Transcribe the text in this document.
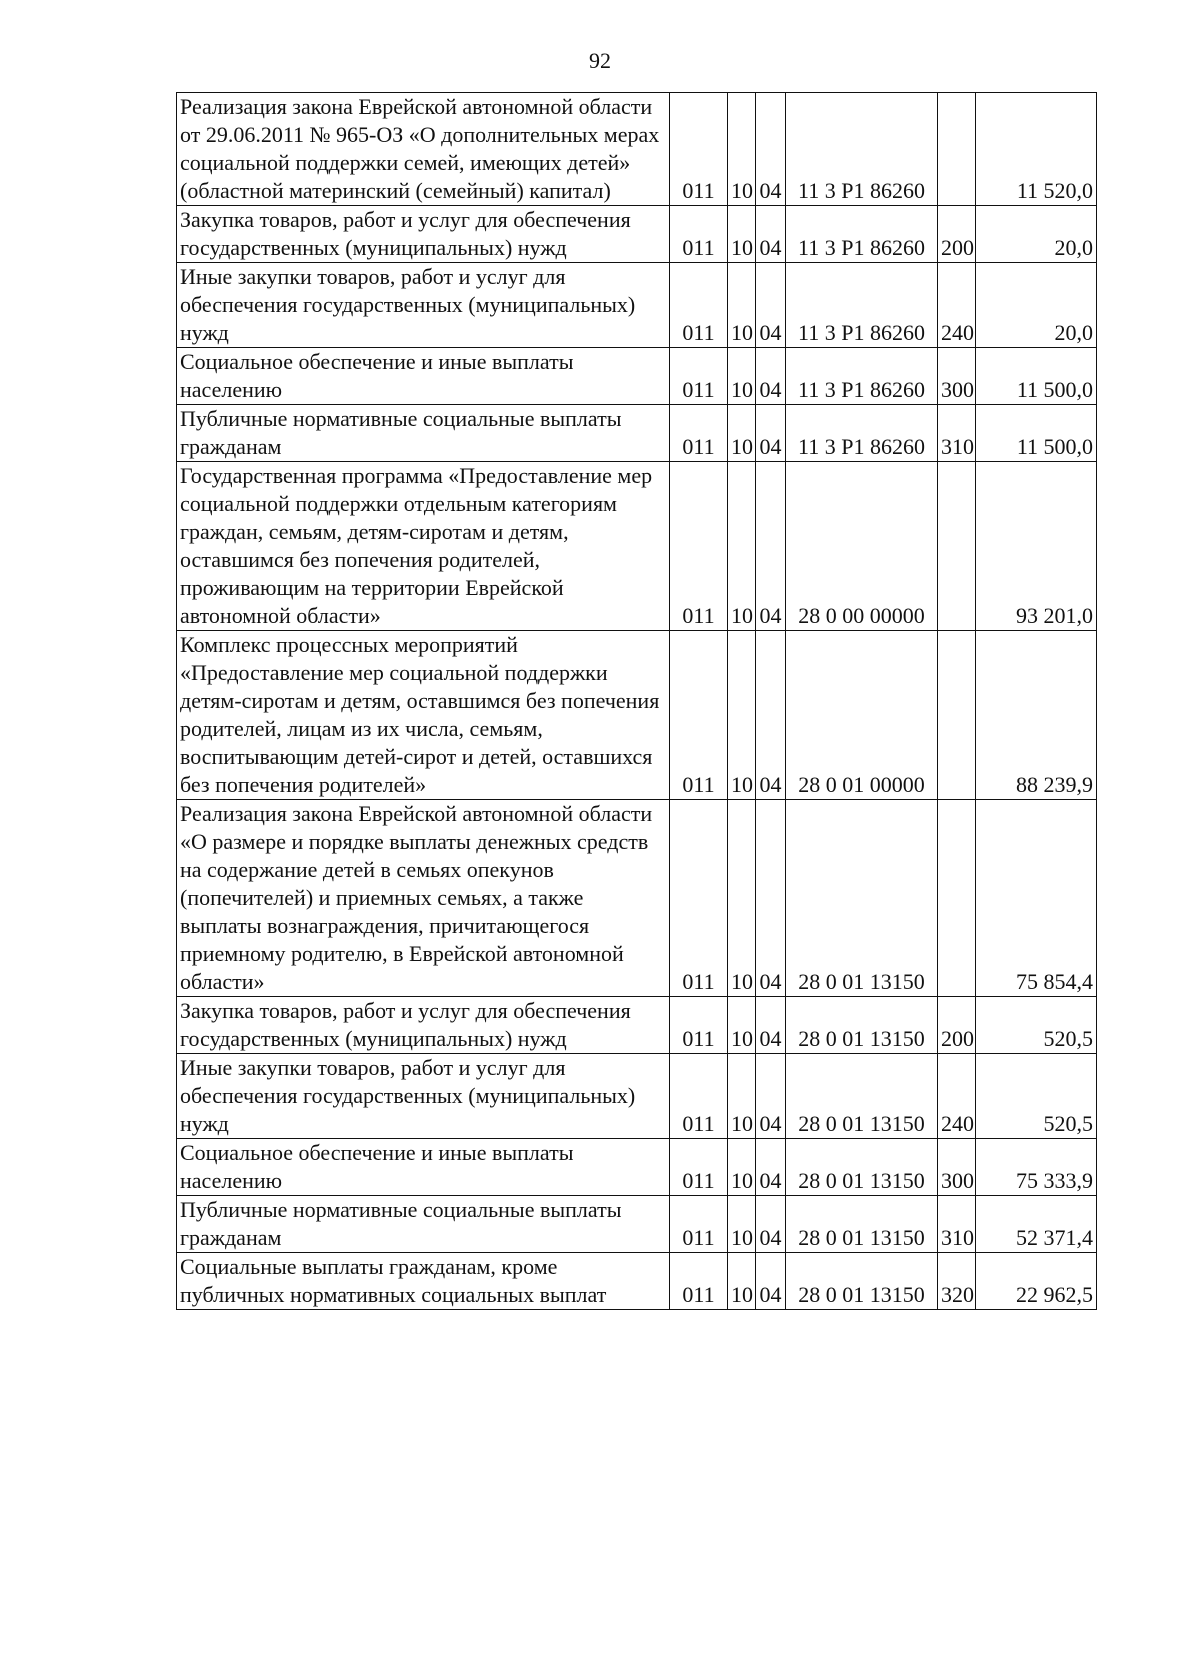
92
Реализация закона Еврейской автономной области от 29.06.2011 № 965-ОЗ «О дополнительных мерах социальной поддержки семей, имеющих детей» (областной материнский (семейный) капитал)	011	10	04	11 3 P1 86260		11 520,0
Закупка товаров, работ и услуг для обеспечения государственных (муниципальных) нужд	011	10	04	11 3 P1 86260	200	20,0
Иные закупки товаров, работ и услуг для обеспечения государственных (муниципальных) нужд	011	10	04	11 3 P1 86260	240	20,0
Социальное обеспечение и иные выплаты населению	011	10	04	11 3 P1 86260	300	11 500,0
Публичные нормативные социальные выплаты гражданам	011	10	04	11 3 P1 86260	310	11 500,0
Государственная программа «Предоставление мер социальной поддержки отдельным категориям граждан, семьям, детям-сиротам и детям, оставшимся без попечения родителей, проживающим на территории Еврейской автономной области»	011	10	04	28 0 00 00000		93 201,0
Комплекс процессных мероприятий «Предоставление мер социальной поддержки детям-сиротам и детям, оставшимся без попечения родителей, лицам из их числа, семьям, воспитывающим детей-сирот и детей, оставшихся без попечения родителей»	011	10	04	28 0 01 00000		88 239,9
Реализация закона Еврейской автономной области «О размере и порядке выплаты денежных средств на содержание детей в семьях опекунов (попечителей) и приемных семьях, а также выплаты вознаграждения, причитающегося приемному родителю, в Еврейской автономной области»	011	10	04	28 0 01 13150		75 854,4
Закупка товаров, работ и услуг для обеспечения государственных (муниципальных) нужд	011	10	04	28 0 01 13150	200	520,5
Иные закупки товаров, работ и услуг для обеспечения государственных (муниципальных) нужд	011	10	04	28 0 01 13150	240	520,5
Социальное обеспечение и иные выплаты населению	011	10	04	28 0 01 13150	300	75 333,9
Публичные нормативные социальные выплаты гражданам	011	10	04	28 0 01 13150	310	52 371,4
Социальные выплаты гражданам, кроме публичных нормативных социальных выплат	011	10	04	28 0 01 13150	320	22 962,5
